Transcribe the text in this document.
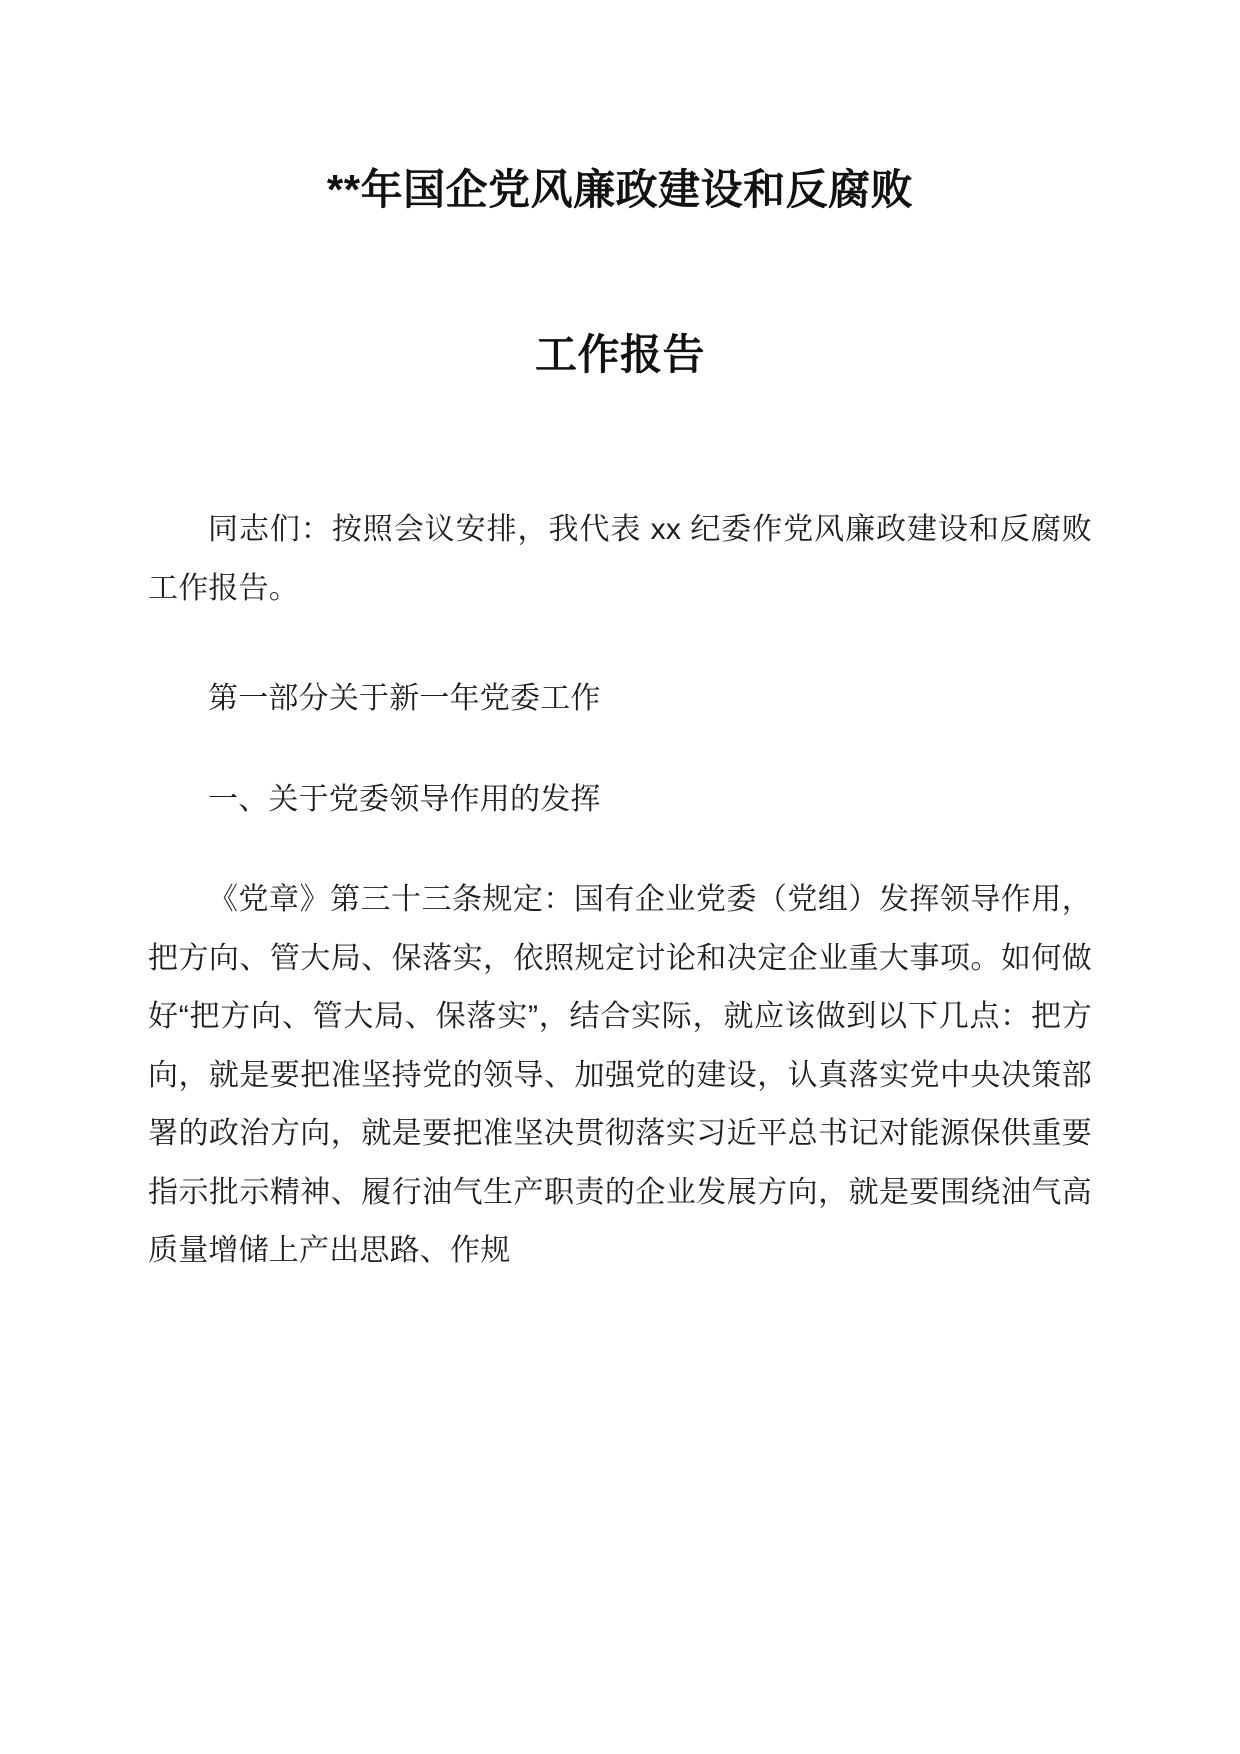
**年国企党风廉政建设和反腐败
工作报告

同志们：按照会议安排，我代表 xx 纪委作党风廉政建设和反腐败工作报告。

第一部分关于新一年党委工作

一、关于党委领导作用的发挥

《党章》第三十三条规定：国有企业党委（党组）发挥领导作用，把方向、管大局、保落实，依照规定讨论和决定企业重大事项。如何做好“把方向、管大局、保落实”，结合实际，就应该做到以下几点：把方向，就是要把准坚持党的领导、加强党的建设，认真落实党中央决策部署的政治方向，就是要把准坚决贯彻落实习近平总书记对能源保供重要指示批示精神、履行油气生产职责的企业发展方向，就是要围绕油气高质量增储上产出思路、作规
